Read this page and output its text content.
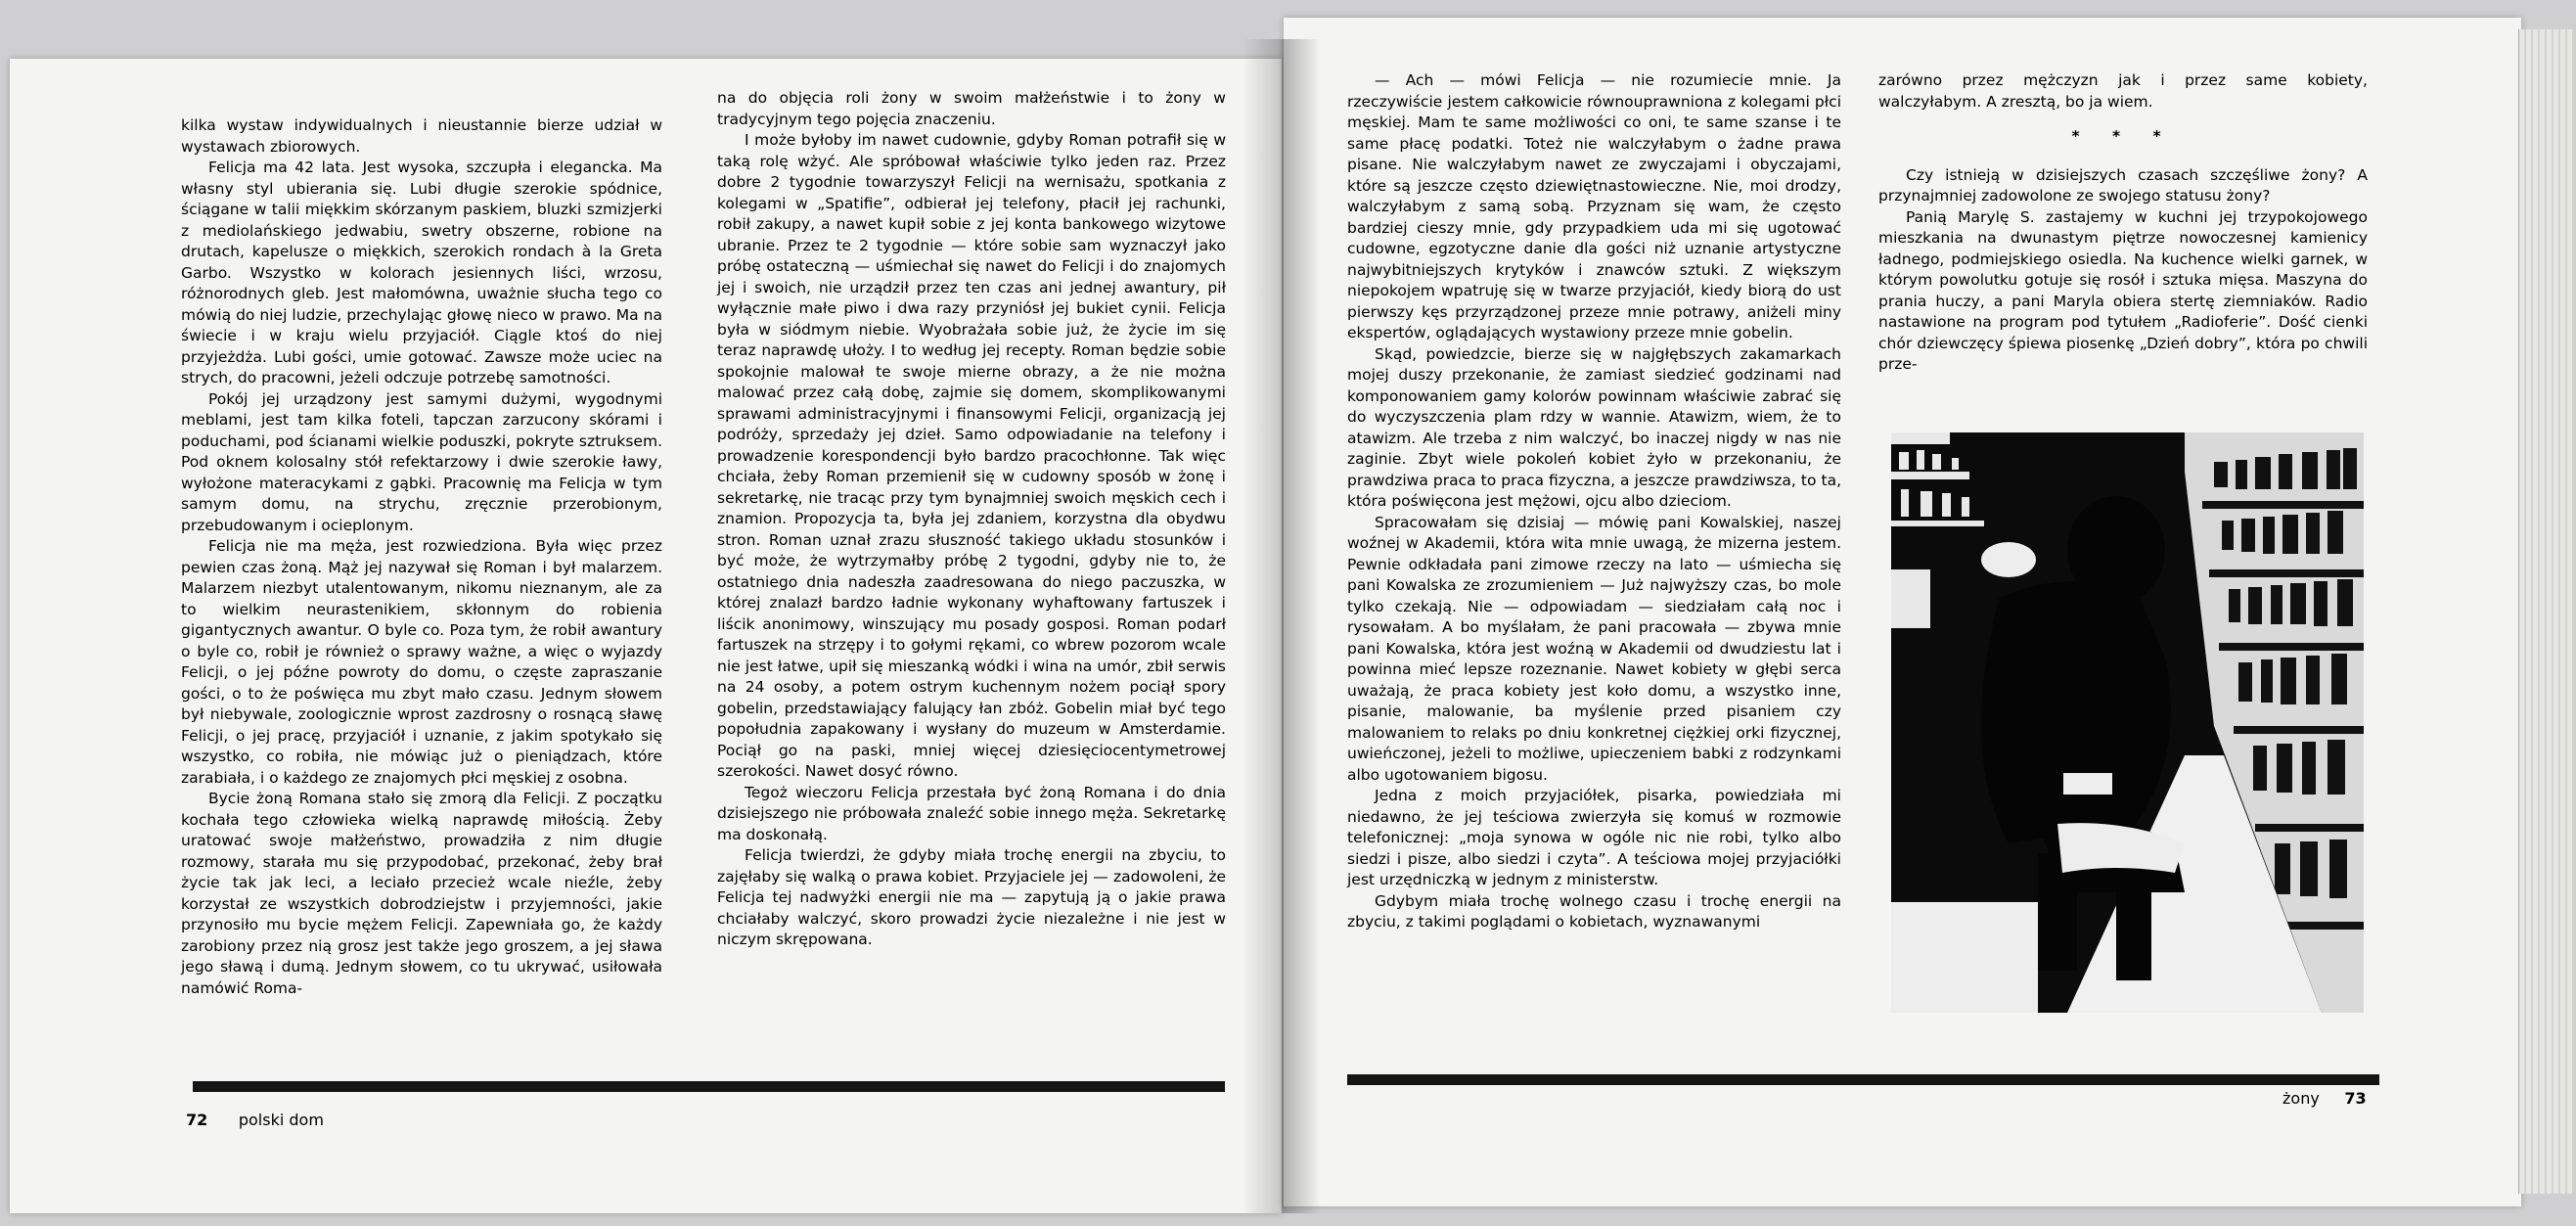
kilka wystaw indywidualnych i nieustannie bierze udział w wystawach zbiorowych.

Felicja ma 42 lata. Jest wysoka, szczupła i elegancka. Ma własny styl ubierania się. Lubi długie szerokie spódnice, ściągane w talii miękkim skórzanym paskiem, bluzki szmizjerki z mediolańskiego jedwabiu, swetry obszerne, robione na drutach, kapelusze o miękkich, szerokich rondach à la Greta Garbo. Wszystko w kolorach jesiennych liści, wrzosu, różnorodnych gleb. Jest małomówna, uważnie słucha tego co mówią do niej ludzie, przechylając głowę nieco w prawo. Ma na świecie i w kraju wielu przyjaciół. Ciągle ktoś do niej przyjeżdża. Lubi gości, umie gotować. Zawsze może uciec na strych, do pracowni, jeżeli odczuje potrzebę samotności.

Pokój jej urządzony jest samymi dużymi, wygodnymi meblami, jest tam kilka foteli, tapczan zarzucony skórami i poduchami, pod ścianami wielkie poduszki, pokryte sztruksem. Pod oknem kolosalny stół refektarzowy i dwie szerokie ławy, wyłożone materacykami z gąbki. Pracownię ma Felicja w tym samym domu, na strychu, zręcznie przerobionym, przebudowanym i ocieplonym.

Felicja nie ma męża, jest rozwiedziona. Była więc przez pewien czas żoną. Mąż jej nazywał się Roman i był malarzem. Malarzem niezbyt utalentowanym, nikomu nieznanym, ale za to wielkim neurastenikiem, skłonnym do robienia gigantycznych awantur. O byle co. Poza tym, że robił awantury o byle co, robił je również o sprawy ważne, a więc o wyjazdy Felicji, o jej późne powroty do domu, o częste zapraszanie gości, o to że poświęca mu zbyt mało czasu. Jednym słowem był niebywale, zoologicznie wprost zazdrosny o rosnącą sławę Felicji, o jej pracę, przyjaciół i uznanie, z jakim spotykało się wszystko, co robiła, nie mówiąc już o pieniądzach, które zarabiała, i o każdego ze znajomych płci męskiej z osobna.

Bycie żoną Romana stało się zmorą dla Felicji. Z początku kochała tego człowieka wielką naprawdę miłością. Żeby uratować swoje małżeństwo, prowadziła z nim długie rozmowy, starała mu się przypodobać, przekonać, żeby brał życie tak jak leci, a leciało przecież wcale nieźle, żeby korzystał ze wszystkich dobrodziejstw i przyjemności, jakie przynosiło mu bycie mężem Felicji. Zapewniała go, że każdy zarobiony przez nią grosz jest także jego groszem, a jej sława jego sławą i dumą. Jednym słowem, co tu ukrywać, usiłowała namówić Roma-

na do objęcia roli żony w swoim małżeństwie i to żony w tradycyjnym tego pojęcia znaczeniu.

I może byłoby im nawet cudownie, gdyby Roman potrafił się w taką rolę wżyć. Ale spróbował właściwie tylko jeden raz. Przez dobre 2 tygodnie towarzyszył Felicji na wernisażu, spotkania z kolegami w „Spatifie”, odbierał jej telefony, płacił jej rachunki, robił zakupy, a nawet kupił sobie z jej konta bankowego wizytowe ubranie. Przez te 2 tygodnie — które sobie sam wyznaczył jako próbę ostateczną — uśmiechał się nawet do Felicji i do znajomych jej i swoich, nie urządził przez ten czas ani jednej awantury, pił wyłącznie małe piwo i dwa razy przyniósł jej bukiet cynii. Felicja była w siódmym niebie. Wyobrażała sobie już, że życie im się teraz naprawdę ułoży. I to według jej recepty. Roman będzie sobie spokojnie malował te swoje mierne obrazy, a że nie można malować przez całą dobę, zajmie się domem, skomplikowanymi sprawami administracyjnymi i finansowymi Felicji, organizacją jej podróży, sprzedaży jej dzieł. Samo odpowiadanie na telefony i prowadzenie korespondencji było bardzo pracochłonne. Tak więc chciała, żeby Roman przemienił się w cudowny sposób w żonę i sekretarkę, nie tracąc przy tym bynajmniej swoich męskich cech i znamion. Propozycja ta, była jej zdaniem, korzystna dla obydwu stron. Roman uznał zrazu słuszność takiego układu stosunków i być może, że wytrzymałby próbę 2 tygodni, gdyby nie to, że ostatniego dnia nadeszła zaadresowana do niego paczuszka, w której znalazł bardzo ładnie wykonany wyhaftowany fartuszek i liścik anonimowy, winszujący mu posady gosposi. Roman podarł fartuszek na strzępy i to gołymi rękami, co wbrew pozorom wcale nie jest łatwe, upił się mieszanką wódki i wina na umór, zbił serwis na 24 osoby, a potem ostrym kuchennym nożem pociął spory gobelin, przedstawiający falujący łan zbóż. Gobelin miał być tego popołudnia zapakowany i wysłany do muzeum w Amsterdamie. Pociął go na paski, mniej więcej dziesięciocentymetrowej szerokości. Nawet dosyć równo.

Tegoż wieczoru Felicja przestała być żoną Romana i do dnia dzisiejszego nie próbowała znaleźć sobie innego męża. Sekretarkę ma doskonałą.

Felicja twierdzi, że gdyby miała trochę energii na zbyciu, to zajęłaby się walką o prawa kobiet. Przyjaciele jej — zadowoleni, że Felicja tej nadwyżki energii nie ma — zapytują ją o jakie prawa chciałaby walczyć, skoro prowadzi życie niezależne i nie jest w niczym skrępowana.

72 polski dom

— Ach — mówi Felicja — nie rozumiecie mnie. Ja rzeczywiście jestem całkowicie równouprawniona z kolegami płci męskiej. Mam te same możliwości co oni, te same szanse i te same płacę podatki. Toteż nie walczyłabym o żadne prawa pisane. Nie walczyłabym nawet ze zwyczajami i obyczajami, które są jeszcze często dziewiętnastowieczne. Nie, moi drodzy, walczyłabym z samą sobą. Przyznam się wam, że często bardziej cieszy mnie, gdy przypadkiem uda mi się ugotować cudowne, egzotyczne danie dla gości niż uznanie artystyczne najwybitniejszych krytyków i znawców sztuki. Z większym niepokojem wpatruję się w twarze przyjaciół, kiedy biorą do ust pierwszy kęs przyrządzonej przeze mnie potrawy, aniżeli miny ekspertów, oglądających wystawiony przeze mnie gobelin.

Skąd, powiedzcie, bierze się w najgłębszych zakamarkach mojej duszy przekonanie, że zamiast siedzieć godzinami nad komponowaniem gamy kolorów powinnam właściwie zabrać się do wyczyszczenia plam rdzy w wannie. Atawizm, wiem, że to atawizm. Ale trzeba z nim walczyć, bo inaczej nigdy w nas nie zaginie. Zbyt wiele pokoleń kobiet żyło w przekonaniu, że prawdziwa praca to praca fizyczna, a jeszcze prawdziwsza, to ta, która poświęcona jest mężowi, ojcu albo dzieciom.

Spracowałam się dzisiaj — mówię pani Kowalskiej, naszej woźnej w Akademii, która wita mnie uwagą, że mizerna jestem. Pewnie odkładała pani zimowe rzeczy na lato — uśmiecha się pani Kowalska ze zrozumieniem — Już najwyższy czas, bo mole tylko czekają. Nie — odpowiadam — siedziałam całą noc i rysowałam. A bo myślałam, że pani pracowała — zbywa mnie pani Kowalska, która jest woźną w Akademii od dwudziestu lat i powinna mieć lepsze rozeznanie. Nawet kobiety w głębi serca uważają, że praca kobiety jest koło domu, a wszystko inne, pisanie, malowanie, ba myślenie przed pisaniem czy malowaniem to relaks po dniu konkretnej ciężkiej orki fizycznej, uwieńczonej, jeżeli to możliwe, upieczeniem babki z rodzynkami albo ugotowaniem bigosu.

Jedna z moich przyjaciółek, pisarka, powiedziała mi niedawno, że jej teściowa zwierzyła się komuś w rozmowie telefonicznej: „moja synowa w ogóle nic nie robi, tylko albo siedzi i pisze, albo siedzi i czyta”. A teściowa mojej przyjaciółki jest urzędniczką w jednym z ministerstw.

Gdybym miała trochę wolnego czasu i trochę energii na zbyciu, z takimi poglądami o kobietach, wyznawanymi

zarówno przez mężczyzn jak i przez same kobiety, walczyłabym. A zresztą, bo ja wiem.

* * *

Czy istnieją w dzisiejszych czasach szczęśliwe żony? A przynajmniej zadowolone ze swojego statusu żony?

Panią Marylę S. zastajemy w kuchni jej trzypokojowego mieszkania na dwunastym piętrze nowoczesnej kamienicy ładnego, podmiejskiego osiedla. Na kuchence wielki garnek, w którym powolutku gotuje się rosół i sztuka mięsa. Maszyna do prania huczy, a pani Maryla obiera stertę ziemniaków. Radio nastawione na program pod tytułem „Radioferie”. Dość cienki chór dziewczęcy śpiewa piosenkę „Dzień dobry”, która po chwili prze-

żony 73
